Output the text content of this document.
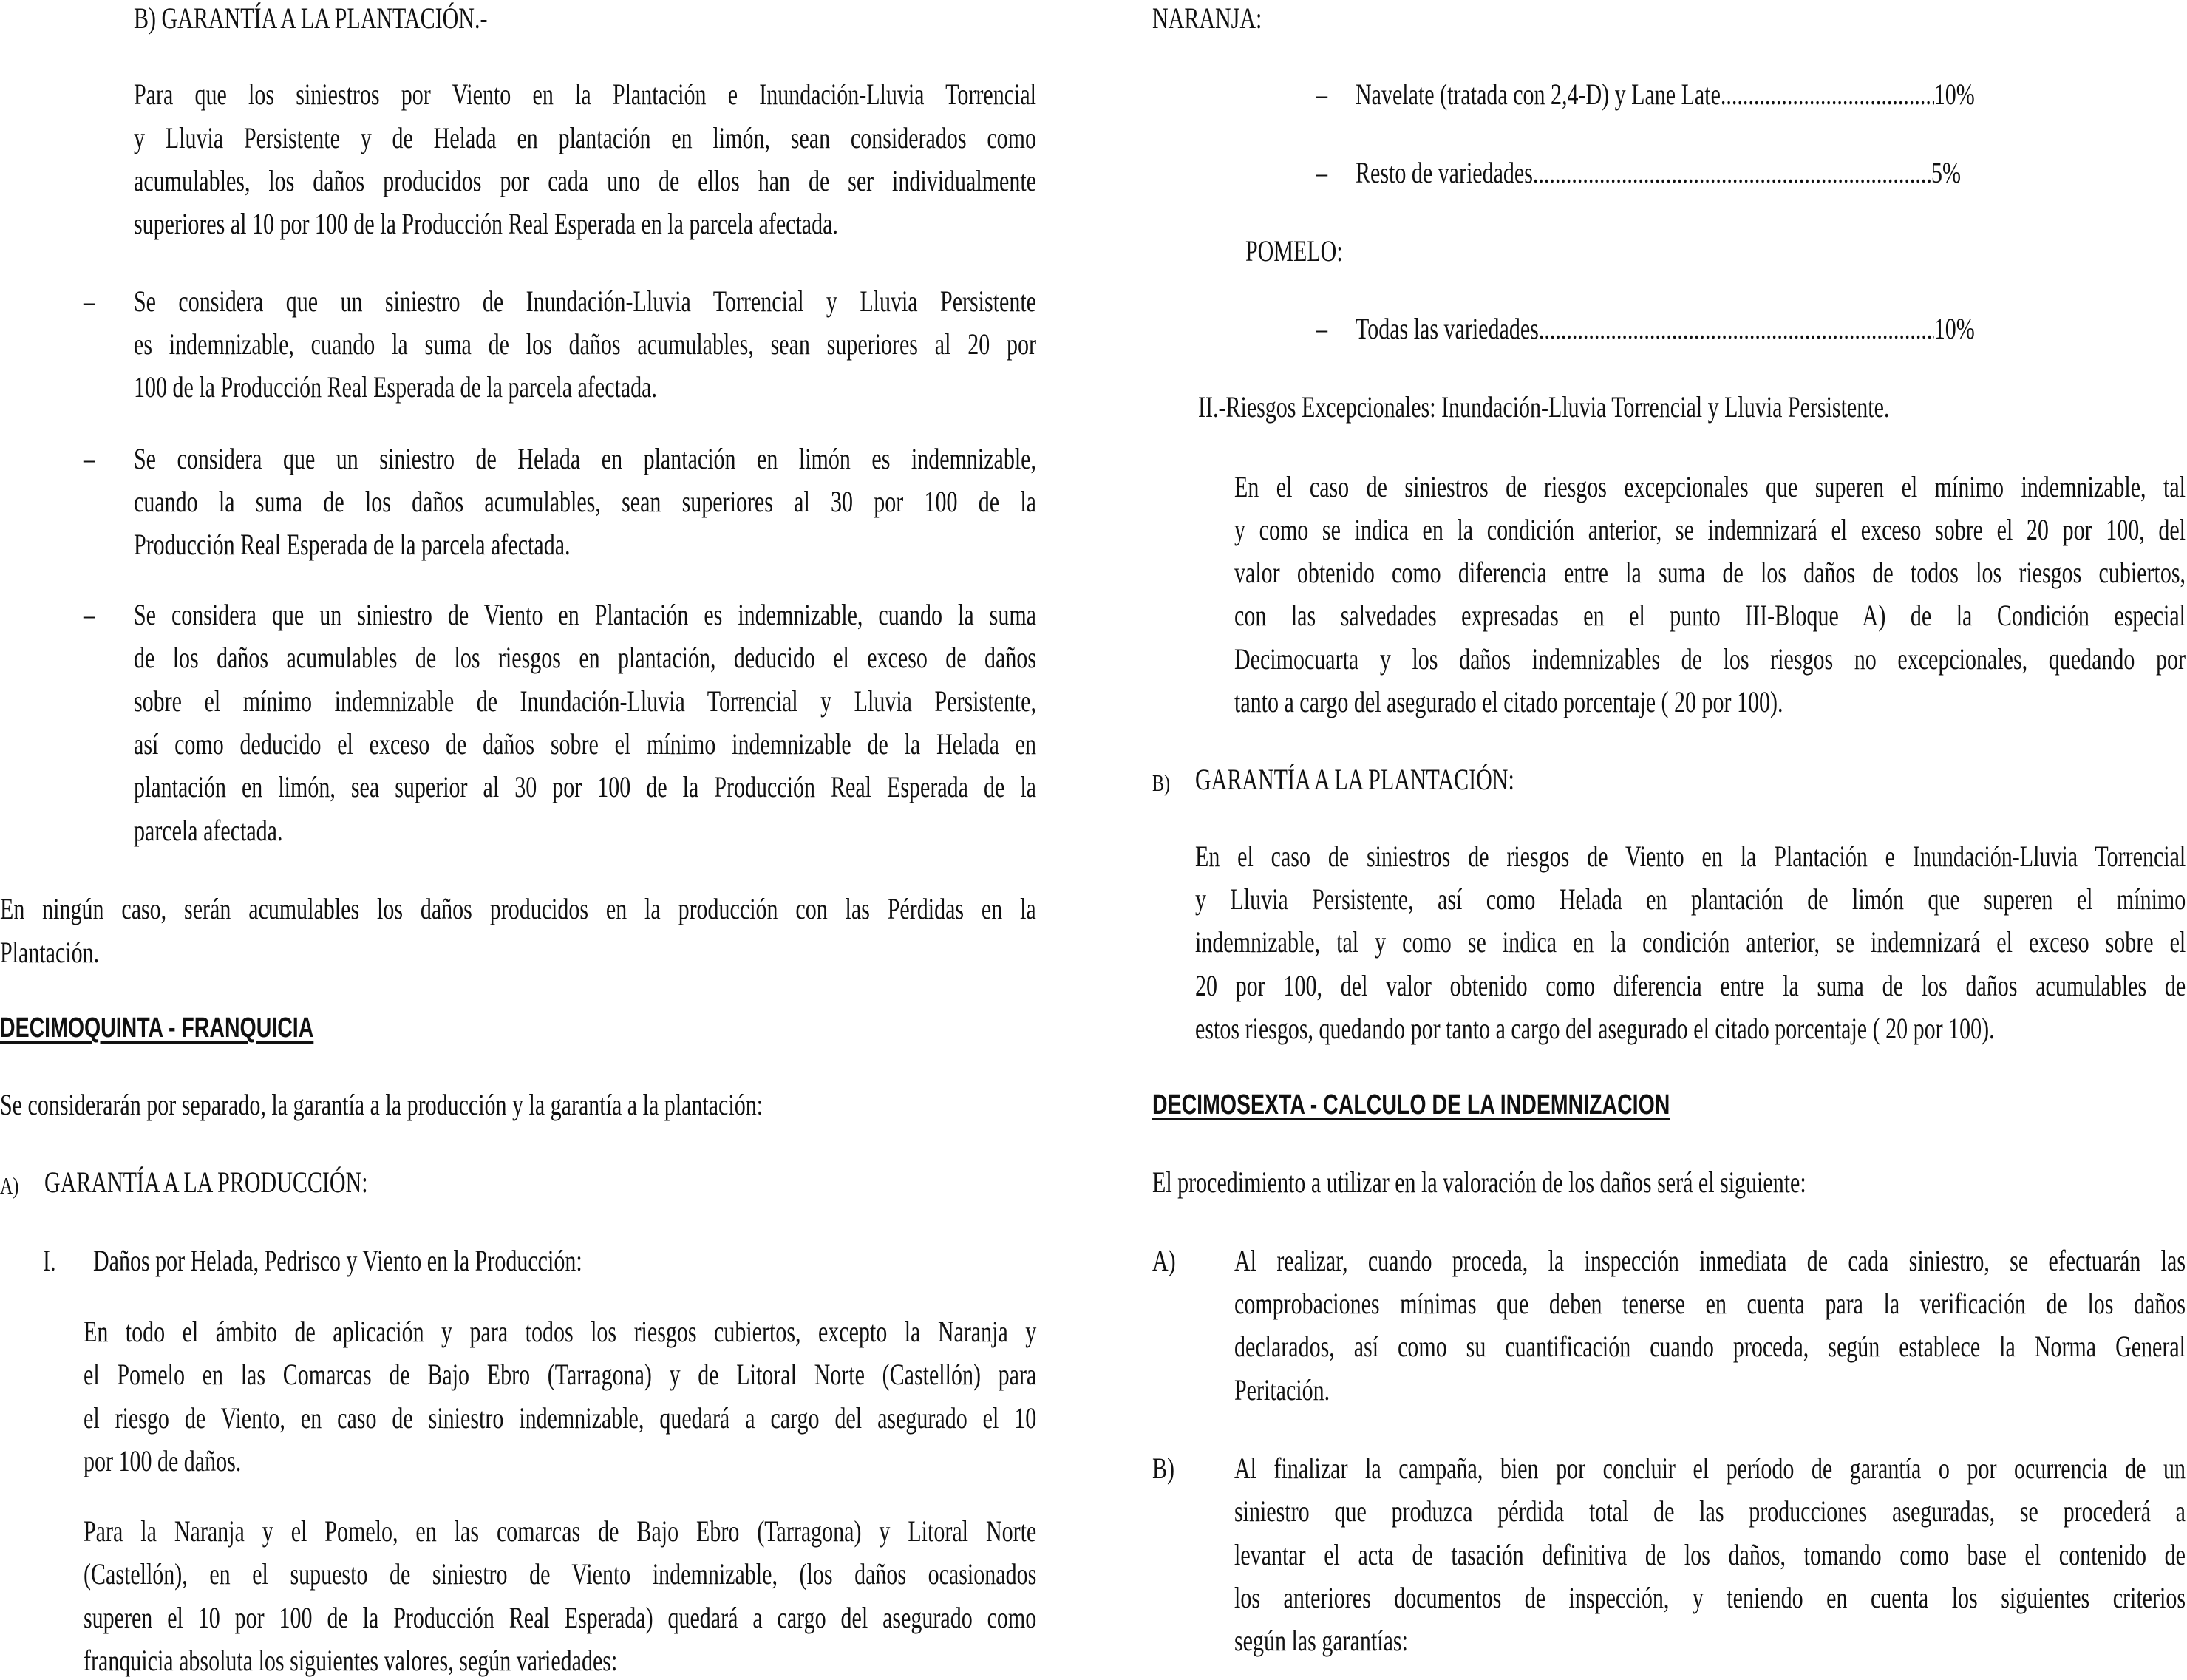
B) GARANTÍA A LA PLANTACIÓN.-
Para que los siniestros por Viento en la Plantación e Inundación-Lluvia Torrencial
y Lluvia Persistente y de Helada en plantación en limón, sean considerados como
acumulables, los daños producidos por cada uno de ellos han de ser individualmente
superiores al 10 por 100 de la Producción Real Esperada en la parcela afectada.
– Se considera que un siniestro de Inundación-Lluvia Torrencial y Lluvia Persistente
es indemnizable, cuando la suma de los daños acumulables, sean superiores al 20 por
100 de la Producción Real Esperada de la parcela afectada.
– Se considera que un siniestro de Helada en plantación en limón es indemnizable,
cuando la suma de los daños acumulables, sean superiores al 30 por 100 de la
Producción Real Esperada de la parcela afectada.
– Se considera que un siniestro de Viento en Plantación es indemnizable, cuando la suma
de los daños acumulables de los riesgos en plantación, deducido el exceso de daños
sobre el mínimo indemnizable de Inundación-Lluvia Torrencial y Lluvia Persistente,
así como deducido el exceso de daños sobre el mínimo indemnizable de la Helada en
plantación en limón, sea superior al 30 por 100 de la Producción Real Esperada de la
parcela afectada.
En ningún caso, serán acumulables los daños producidos en la producción con las Pérdidas en la
Plantación.
DECIMOQUINTA - FRANQUICIA
Se considerarán por separado, la garantía a la producción y la garantía a la plantación:
A) GARANTÍA A LA PRODUCCIÓN:
I. Daños por Helada, Pedrisco y Viento en la Producción:
En todo el ámbito de aplicación y para todos los riesgos cubiertos, excepto la Naranja y
el Pomelo en las Comarcas de Bajo Ebro (Tarragona) y de Litoral Norte (Castellón) para
el riesgo de Viento, en caso de siniestro indemnizable, quedará a cargo del asegurado el 10
por 100 de daños.
Para la Naranja y el Pomelo, en las comarcas de Bajo Ebro (Tarragona) y Litoral Norte
(Castellón), en el supuesto de siniestro de Viento indemnizable, (los daños ocasionados
superen el 10 por 100 de la Producción Real Esperada) quedará a cargo del asegurado como
franquicia absoluta los siguientes valores, según variedades:
NARANJA:
– Navelate (tratada con 2,4-D) y Lane Late .....	10%
– Resto de variedades .....	5%
POMELO:
– Todas las variedades .....	10%
II.-Riesgos Excepcionales: Inundación-Lluvia Torrencial y Lluvia Persistente.
En el caso de siniestros de riesgos excepcionales que superen el mínimo indemnizable, tal
y como se indica en la condición anterior, se indemnizará el exceso sobre el 20 por 100, del
valor obtenido como diferencia entre la suma de los daños de todos los riesgos cubiertos,
con las salvedades expresadas en el punto III-Bloque A) de la Condición especial
Decimocuarta y los daños indemnizables de los riesgos no excepcionales, quedando por
tanto a cargo del asegurado el citado porcentaje ( 20 por 100).
B) GARANTÍA A LA PLANTACIÓN:
En el caso de siniestros de riesgos de Viento en la Plantación e Inundación-Lluvia Torrencial
y Lluvia Persistente, así como Helada en plantación de limón que superen el mínimo
indemnizable, tal y como se indica en la condición anterior, se indemnizará el exceso sobre el
20 por 100, del valor obtenido como diferencia entre la suma de los daños acumulables de
estos riesgos, quedando por tanto a cargo del asegurado el citado porcentaje ( 20 por 100).
DECIMOSEXTA - CALCULO DE LA INDEMNIZACION
El procedimiento a utilizar en la valoración de los daños será el siguiente:
A) Al realizar, cuando proceda, la inspección inmediata de cada siniestro, se efectuarán las
comprobaciones mínimas que deben tenerse en cuenta para la verificación de los daños
declarados, así como su cuantificación cuando proceda, según establece la Norma General
Peritación.
B) Al finalizar la campaña, bien por concluir el período de garantía o por ocurrencia de un
siniestro que produzca pérdida total de las producciones aseguradas, se procederá a
levantar el acta de tasación definitiva de los daños, tomando como base el contenido de
los anteriores documentos de inspección, y teniendo en cuenta los siguientes criterios
según las garantías:
